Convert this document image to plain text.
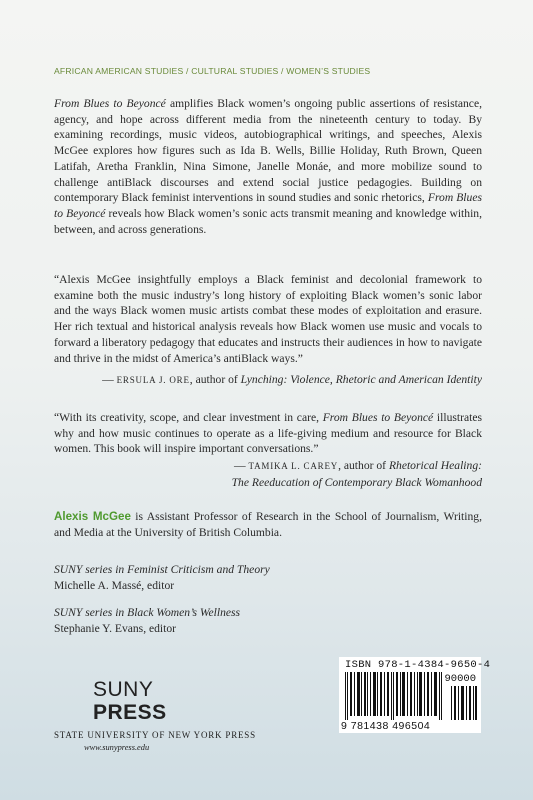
AFRICAN AMERICAN STUDIES / CULTURAL STUDIES / WOMEN’S STUDIES

From Blues to Beyoncé amplifies Black women’s ongoing public assertions of resistance, agency, and hope across different media from the nineteenth century to today. By examining recordings, music videos, autobiographical writings, and speeches, Alexis McGee explores how figures such as Ida B. Wells, Billie Holiday, Ruth Brown, Queen Latifah, Aretha Franklin, Nina Simone, Janelle Monáe, and more mobilize sound to challenge antiBlack discourses and extend social justice pedagogies. Building on contemporary Black feminist interventions in sound studies and sonic rhetorics, From Blues to Beyoncé reveals how Black women’s sonic acts transmit meaning and knowledge within, between, and across generations.

“Alexis McGee insightfully employs a Black feminist and decolonial framework to examine both the music industry’s long history of exploiting Black women’s sonic labor and the ways Black women music artists combat these modes of exploitation and erasure. Her rich textual and historical analysis reveals how Black women use music and vocals to forward a liberatory pedagogy that educates and instructs their audiences in how to navigate and thrive in the midst of America’s antiBlack ways.”

— ERSULA J. ORE, author of Lynching: Violence, Rhetoric and American Identity

“With its creativity, scope, and clear investment in care, From Blues to Beyoncé illustrates why and how music continues to operate as a life-giving medium and resource for Black women. This book will inspire important conversations.”

— TAMIKA L. CAREY, author of Rhetorical Healing:
The Reeducation of Contemporary Black Womanhood

Alexis McGee is Assistant Professor of Research in the School of Journalism, Writing, and Media at the University of British Columbia.

SUNY series in Feminist Criticism and Theory
Michelle A. Massé, editor
SUNY series in Black Women’s Wellness
Stephanie Y. Evans, editor
SUNY
PRESS
STATE UNIVERSITY OF NEW YORK PRESS
www.sunypress.edu
ISBN 978-1-4384-9650-4
90000
9 781438 496504
